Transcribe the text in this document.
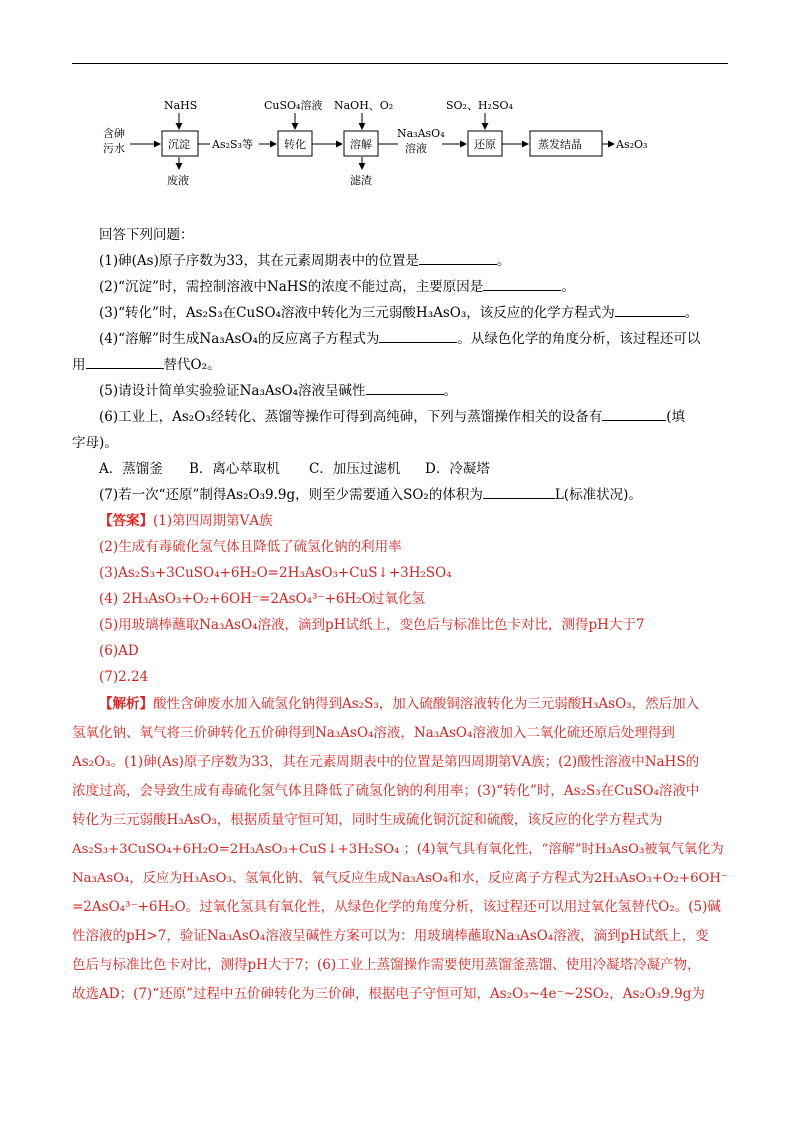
含砷
污水	沉淀
NaHS
废液
As₂S₃等	转化
CuSO₄溶液
溶解
NaOH、O₂
滤渣
Na₃AsO₄
溶液	还原
SO₂、H₂SO₄
蒸发结晶	As₂O₃
回答下列问题：
(1)砷(As)原子序数为33，其在元素周期表中的位置是	。
(2)“沉淀”时，需控制溶液中NaHS的浓度不能过高，主要原因是	。
(3)“转化”时，As₂S₃在CuSO₄溶液中转化为三元弱酸H₃AsO₃，该反应的化学方程式为	。
(4)“溶解”时生成Na₃AsO₄的反应离子方程式为	。从绿色化学的角度分析，该过程还可以
用	替代O₂。
(5)请设计简单实验验证Na₃AsO₄溶液呈碱性	。
(6)工业上，As₂O₃经转化、蒸馏等操作可得到高纯砷，下列与蒸馏操作相关的设备有	(填
字母)。
A．蒸馏釜 B．离心萃取机 C．加压过滤机 D．冷凝塔
(7)若一次“还原”制得As₂O₃9.9g，则至少需要通入SO₂的体积为	L(标准状况)。
【答案】(1)第四周期第ⅤA族
(2)生成有毒硫化氢气体且降低了硫氢化钠的利用率
(3)As₂S₃+3CuSO₄+6H₂O=2H₃AsO₃+CuS↓+3H₂SO₄
(4) 2H₃AsO₃+O₂+6OH⁻=2AsO₄³⁻+6H₂O过氧化氢
(5)用玻璃棒蘸取Na₃AsO₄溶液，滴到pH试纸上，变色后与标准比色卡对比，测得pH大于7
(6)AD
(7)2.24
【解析】酸性含砷废水加入硫氢化钠得到As₂S₃，加入硫酸铜溶液转化为三元弱酸H₃AsO₃，然后加入
氢氧化钠、氧气将三价砷转化五价砷得到Na₃AsO₄溶液，Na₃AsO₄溶液加入二氧化硫还原后处理得到
As₂O₃。(1)砷(As)原子序数为33，其在元素周期表中的位置是第四周期第ⅤA族；(2)酸性溶液中NaHS的
浓度过高，会导致生成有毒硫化氢气体且降低了硫氢化钠的利用率；(3)“转化”时，As₂S₃在CuSO₄溶液中
转化为三元弱酸H₃AsO₃，根据质量守恒可知，同时生成硫化铜沉淀和硫酸，该反应的化学方程式为
As₂S₃+3CuSO₄+6H₂O=2H₃AsO₃+CuS↓+3H₂SO₄ ；(4)氧气具有氧化性，“溶解”时H₃AsO₃被氧气氧化为
Na₃AsO₄，反应为H₃AsO₃、氢氧化钠、氧气反应生成Na₃AsO₄和水，反应离子方程式为2H₃AsO₃+O₂+6OH⁻
=2AsO₄³⁻+6H₂O。过氧化氢具有氧化性，从绿色化学的角度分析，该过程还可以用过氧化氢替代O₂。(5)碱
性溶液的pH>7，验证Na₃AsO₄溶液呈碱性方案可以为：用玻璃棒蘸取Na₃AsO₄溶液，滴到pH试纸上，变
色后与标准比色卡对比，测得pH大于7；(6)工业上蒸馏操作需要使用蒸馏釜蒸馏、使用冷凝塔冷凝产物，
故选AD；(7)“还原”过程中五价砷转化为三价砷，根据电子守恒可知，As₂O₃~4e⁻~2SO₂，As₂O₃9.9g为
